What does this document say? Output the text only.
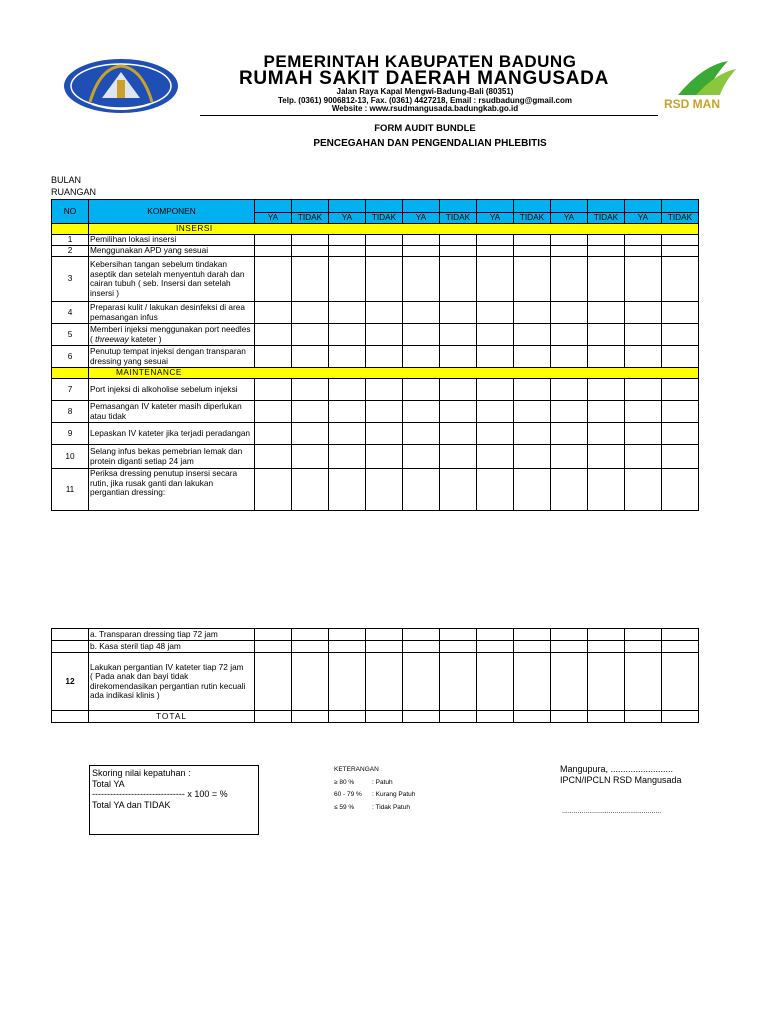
PEMERINTAH KABUPATEN BADUNG
RUMAH SAKIT DAERAH MANGUSADA
Jalan Raya Kapal Mengwi-Badung-Bali (80351)
Telp. (0361) 9006812-13, Fax. (0361) 4427218, Email : rsudbadung@gmail.com
Website : www.rsudmangusada.badungkab.go.id	RSD MAN
FORM AUDIT BUNDLE
PENCEGAHAN DAN PENGENDALIAN PHLEBITIS
BULAN
RUANGAN
NO	KOMPONEN												
		YA	TIDAK	YA	TIDAK	YA	TIDAK	YA	TIDAK	YA	TIDAK	YA	TIDAK
	INSERSI												
1	Pemilihan lokasi insersi												
2	Menggunakan APD yang sesuai												
3	Kebersihan tangan sebelum tindakan aseptik dan setelah menyentuh darah dan cairan tubuh ( seb. Insersi dan setelah insersi )												
4	Preparasi kulit / lakukan desinfeksi di area pemasangan infus												
5	Memberi injeksi menggunakan port needles ( threeway kateter )												
6	Penutup tempat injeksi dengan transparan dressing yang sesuai												
	MAINTENANCE												
7	Port injeksi di alkoholise sebelum injeksi												
8	Pemasangan IV kateter masih diperlukan atau tidak												
9	Lepaskan IV kateter jika terjadi peradangan												
10	Selang infus bekas pemebrian lemak dan protein diganti setiap 24 jam												
11	Periksa dressing penutup insersi secara rutin, jika rusak ganti dan lakukan pergantian dressing:												

	a. Transparan dressing tiap 72 jam												
	b. Kasa steril tiap 48 jam												
12	Lakukan pergantian IV kateter tiap 72 jam
( Pada anak dan bayi tidak direkomendasikan pergantian rutin kecuali ada indikasi klinis )												

	TOTAL												
Skoring nilai kepatuhan :
Total YA
------------------------------- x 100 = %
Total YA dan TIDAK
KETERANGAN
≥ 80 %	: Patuh
60 - 79 % : Kurang Patuh
≤ 59 %	: Tidak Patuh
Mangupura, .........................
IPCN/IPCLN RSD Mangusada
...................................................
